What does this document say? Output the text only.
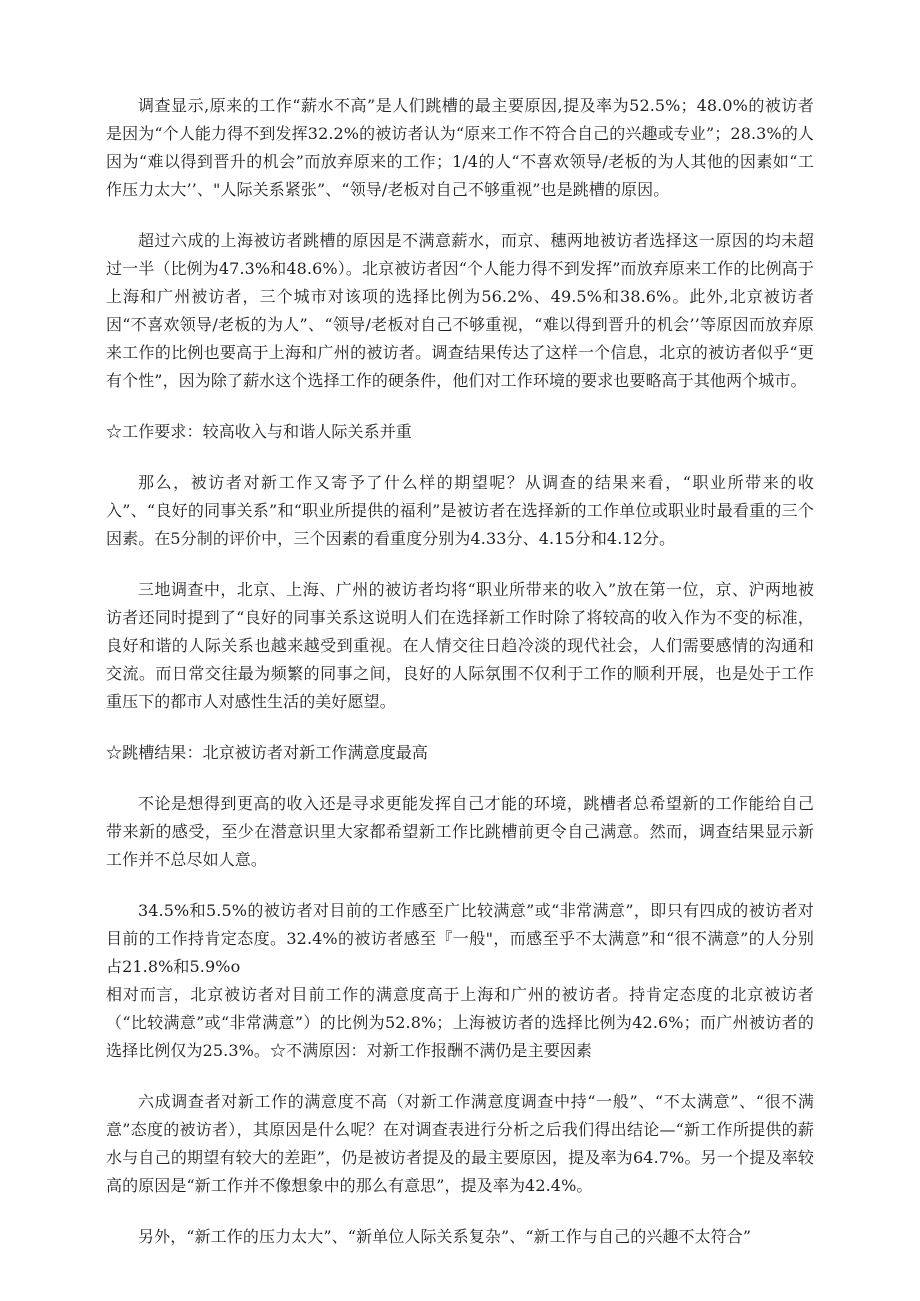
调查显示,原来的工作“薪水不高”是人们跳槽的最主要原因,提及率为52.5%；48.0%的被访者是因为“个人能力得不到发挥32.2%的被访者认为“原来工作不符合自己的兴趣或专业”；28.3%的人因为“难以得到晋升的机会”而放弃原来的工作；1/4的人“不喜欢领导/老板的为人其他的因素如“工作压力太大’’、"人际关系紧张”、“领导/老板对自己不够重视”也是跳槽的原因。

超过六成的上海被访者跳槽的原因是不满意薪水，而京、穗两地被访者选择这一原因的均未超过一半（比例为47.3%和48.6%）。北京被访者因“个人能力得不到发挥”而放弃原来工作的比例高于上海和广州被访者，三个城市对该项的选择比例为56.2%、49.5%和38.6%。此外,北京被访者因“不喜欢领导/老板的为人”、“领导/老板对自己不够重视，“难以得到晋升的机会’’等原因而放弃原来工作的比例也要高于上海和广州的被访者。调查结果传达了这样一个信息，北京的被访者似乎“更有个性”，因为除了薪水这个选择工作的硬条件，他们对工作环境的要求也要略高于其他两个城市。

☆工作要求：较高收入与和谐人际关系并重

那么，被访者对新工作又寄予了什么样的期望呢？从调查的结果来看，“职业所带来的收入”、“良好的同事关系”和“职业所提供的福利”是被访者在选择新的工作单位或职业时最看重的三个因素。在5分制的评价中，三个因素的看重度分别为4.33分、4.15分和4.12分。

三地调查中，北京、上海、广州的被访者均将“职业所带来的收入”放在第一位，京、沪两地被访者还同时提到了“良好的同事关系这说明人们在选择新工作时除了将较高的收入作为不变的标准，良好和谐的人际关系也越来越受到重视。在人情交往日趋冷淡的现代社会，人们需要感情的沟通和交流。而日常交往最为频繁的同事之间，良好的人际氛围不仅利于工作的顺利开展，也是处于工作重压下的都市人对感性生活的美好愿望。

☆跳槽结果：北京被访者对新工作满意度最高

不论是想得到更高的收入还是寻求更能发挥自己才能的环境，跳槽者总希望新的工作能给自己带来新的感受，至少在潜意识里大家都希望新工作比跳槽前更令自己满意。然而，调查结果显示新工作并不总尽如人意。

34.5%和5.5%的被访者对目前的工作感至广比较满意”或“非常满意”，即只有四成的被访者对目前的工作持肯定态度。32.4%的被访者感至『一般"，而感至乎不太满意”和“很不满意”的人分别占21.8%和5.9%o

相对而言，北京被访者对目前工作的满意度高于上海和广州的被访者。持肯定态度的北京被访者（“比较满意”或“非常满意”）的比例为52.8%；上海被访者的选择比例为42.6%；而广州被访者的选择比例仅为25.3%。☆不满原因：对新工作报酬不满仍是主要因素

六成调查者对新工作的满意度不高（对新工作满意度调查中持“一般”、“不太满意”、“很不满意”态度的被访者），其原因是什么呢？在对调查表进行分析之后我们得出结论—“新工作所提供的薪水与自己的期望有较大的差距”，仍是被访者提及的最主要原因，提及率为64.7%。另一个提及率较高的原因是“新工作并不像想象中的那么有意思”，提及率为42.4%。

另外，“新工作的压力太大”、“新单位人际关系复杂”、“新工作与自己的兴趣不太符合”
